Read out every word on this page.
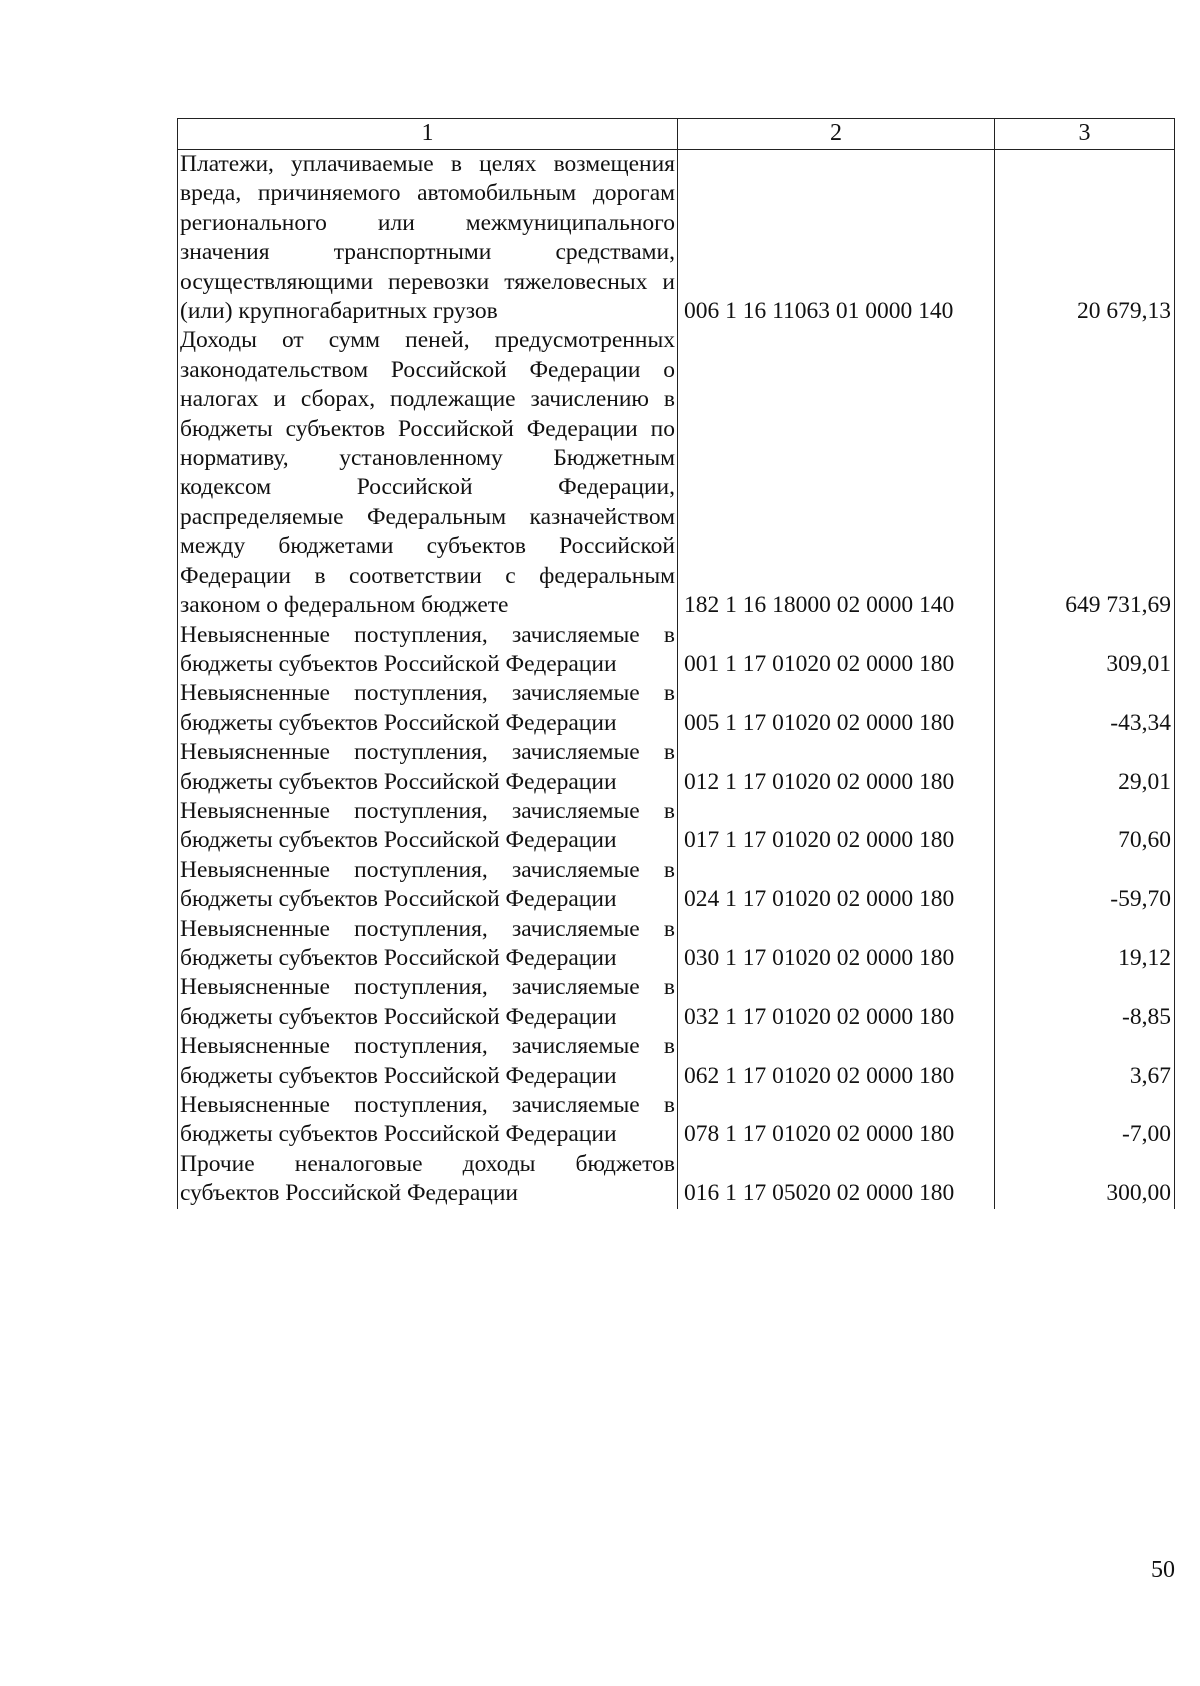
1	2	3
Платежи, уплачиваемые в целях возмещения вреда, причиняемого автомобильным дорогам регионального или межмуниципального значения транспортными средствами, осуществляющими перевозки тяжеловесных и (или) крупногабаритных грузов	006 1 16 11063 01 0000 140	20 679,13
Доходы от сумм пеней, предусмотренных законодательством Российской Федерации о налогах и сборах, подлежащие зачислению в бюджеты субъектов Российской Федерации по нормативу, установленному Бюджетным кодексом Российской Федерации, распределяемые Федеральным казначейством между бюджетами субъектов Российской Федерации в соответствии с федеральным законом о федеральном бюджете	182 1 16 18000 02 0000 140	649 731,69
Невыясненные поступления, зачисляемые в бюджеты субъектов Российской Федерации	001 1 17 01020 02 0000 180	309,01
Невыясненные поступления, зачисляемые в бюджеты субъектов Российской Федерации	005 1 17 01020 02 0000 180	-43,34
Невыясненные поступления, зачисляемые в бюджеты субъектов Российской Федерации	012 1 17 01020 02 0000 180	29,01
Невыясненные поступления, зачисляемые в бюджеты субъектов Российской Федерации	017 1 17 01020 02 0000 180	70,60
Невыясненные поступления, зачисляемые в бюджеты субъектов Российской Федерации	024 1 17 01020 02 0000 180	-59,70
Невыясненные поступления, зачисляемые в бюджеты субъектов Российской Федерации	030 1 17 01020 02 0000 180	19,12
Невыясненные поступления, зачисляемые в бюджеты субъектов Российской Федерации	032 1 17 01020 02 0000 180	-8,85
Невыясненные поступления, зачисляемые в бюджеты субъектов Российской Федерации	062 1 17 01020 02 0000 180	3,67
Невыясненные поступления, зачисляемые в бюджеты субъектов Российской Федерации	078 1 17 01020 02 0000 180	-7,00
Прочие неналоговые доходы бюджетов субъектов Российской Федерации	016 1 17 05020 02 0000 180	300,00
50
